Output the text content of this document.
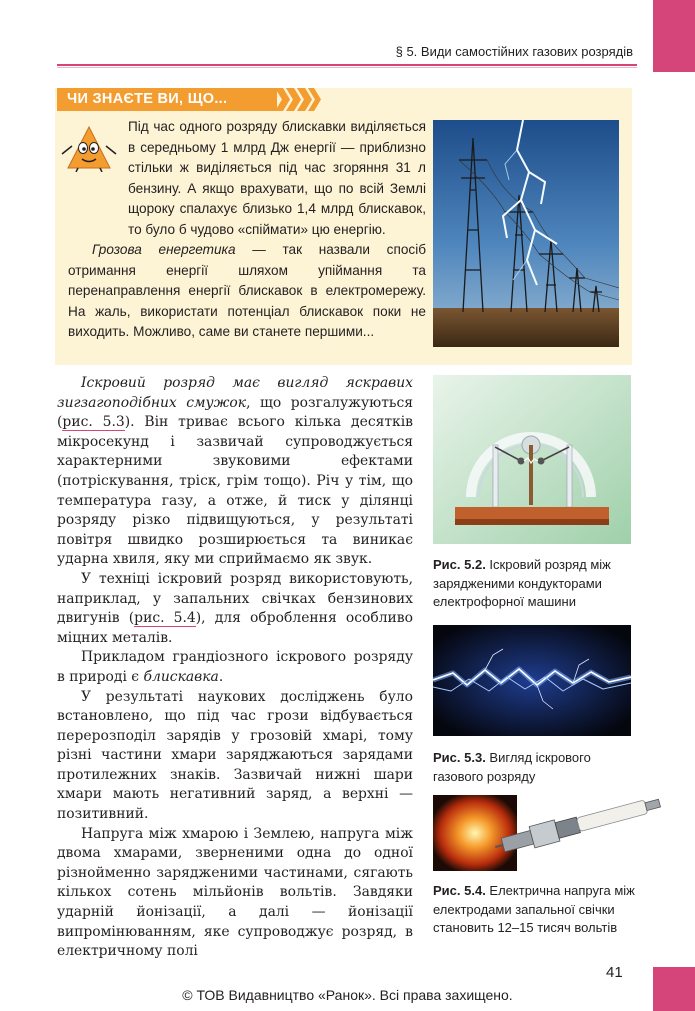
§ 5. Види самостійних газових розрядів
ЧИ ЗНАЄТЕ ВИ, ЩО...

Під час одного розряду блискавки виділяється в середньому 1 млрд Дж енергії — приблизно стільки ж виділяється під час згоряння 31 л бензину. А якщо врахувати, що по всій Землі щороку спалахує близько 1,4 млрд блискавок, то було б чудово «спіймати» цю енергію.

Грозова енергетика — так назвали спосіб отримання енергії шляхом упіймання та перенаправлення енергії блискавок в електромережу. На жаль, використати потенціал блискавок поки не виходить. Можливо, саме ви станете першими...

Іскровий розряд має вигляд яскравих зигзагоподібних смужок, що розгалужуються (рис. 5.3). Він триває всього кілька десятків мікросекунд і зазвичай супроводжується характерними звуковими ефектами (потріскування, тріск, грім тощо). Річ у тім, що температура газу, а отже, й тиск у ділянці розряду різко підвищуються, у результаті повітря швидко розширюється та виникає ударна хвиля, яку ми сприймаємо як звук.

У техніці іскровий розряд використовують, наприклад, у запальних свічках бензинових двигунів (рис. 5.4), для оброблення особливо міцних металів.

Прикладом грандіозного іскрового розряду в природі є блискавка.

У результаті наукових досліджень було встановлено, що під час грози відбувається перерозподіл зарядів у грозовій хмарі, тому різні частини хмари заряджаються зарядами протилежних знаків. Зазвичай нижні шари хмари мають негативний заряд, а верхні — позитивний.

Напруга між хмарою і Землею, напруга між двома хмарами, зверненими одна до одної різнойменно зарядженими частинами, сягають кількох сотень мільйонів вольтів. Завдяки ударній йонізації, а далі — йонізації випромінюванням, яке супроводжує розряд, в електричному полі

Рис. 5.2. Іскровий розряд між зарядженими кондукторами електрофорної машини
Рис. 5.3. Вигляд іскрового газового розряду
Рис. 5.4. Електрична напруга між електродами запальної свічки становить 12–15 тисяч вольтів
41
© ТОВ Видавництво «Ранок». Всі права захищено.
